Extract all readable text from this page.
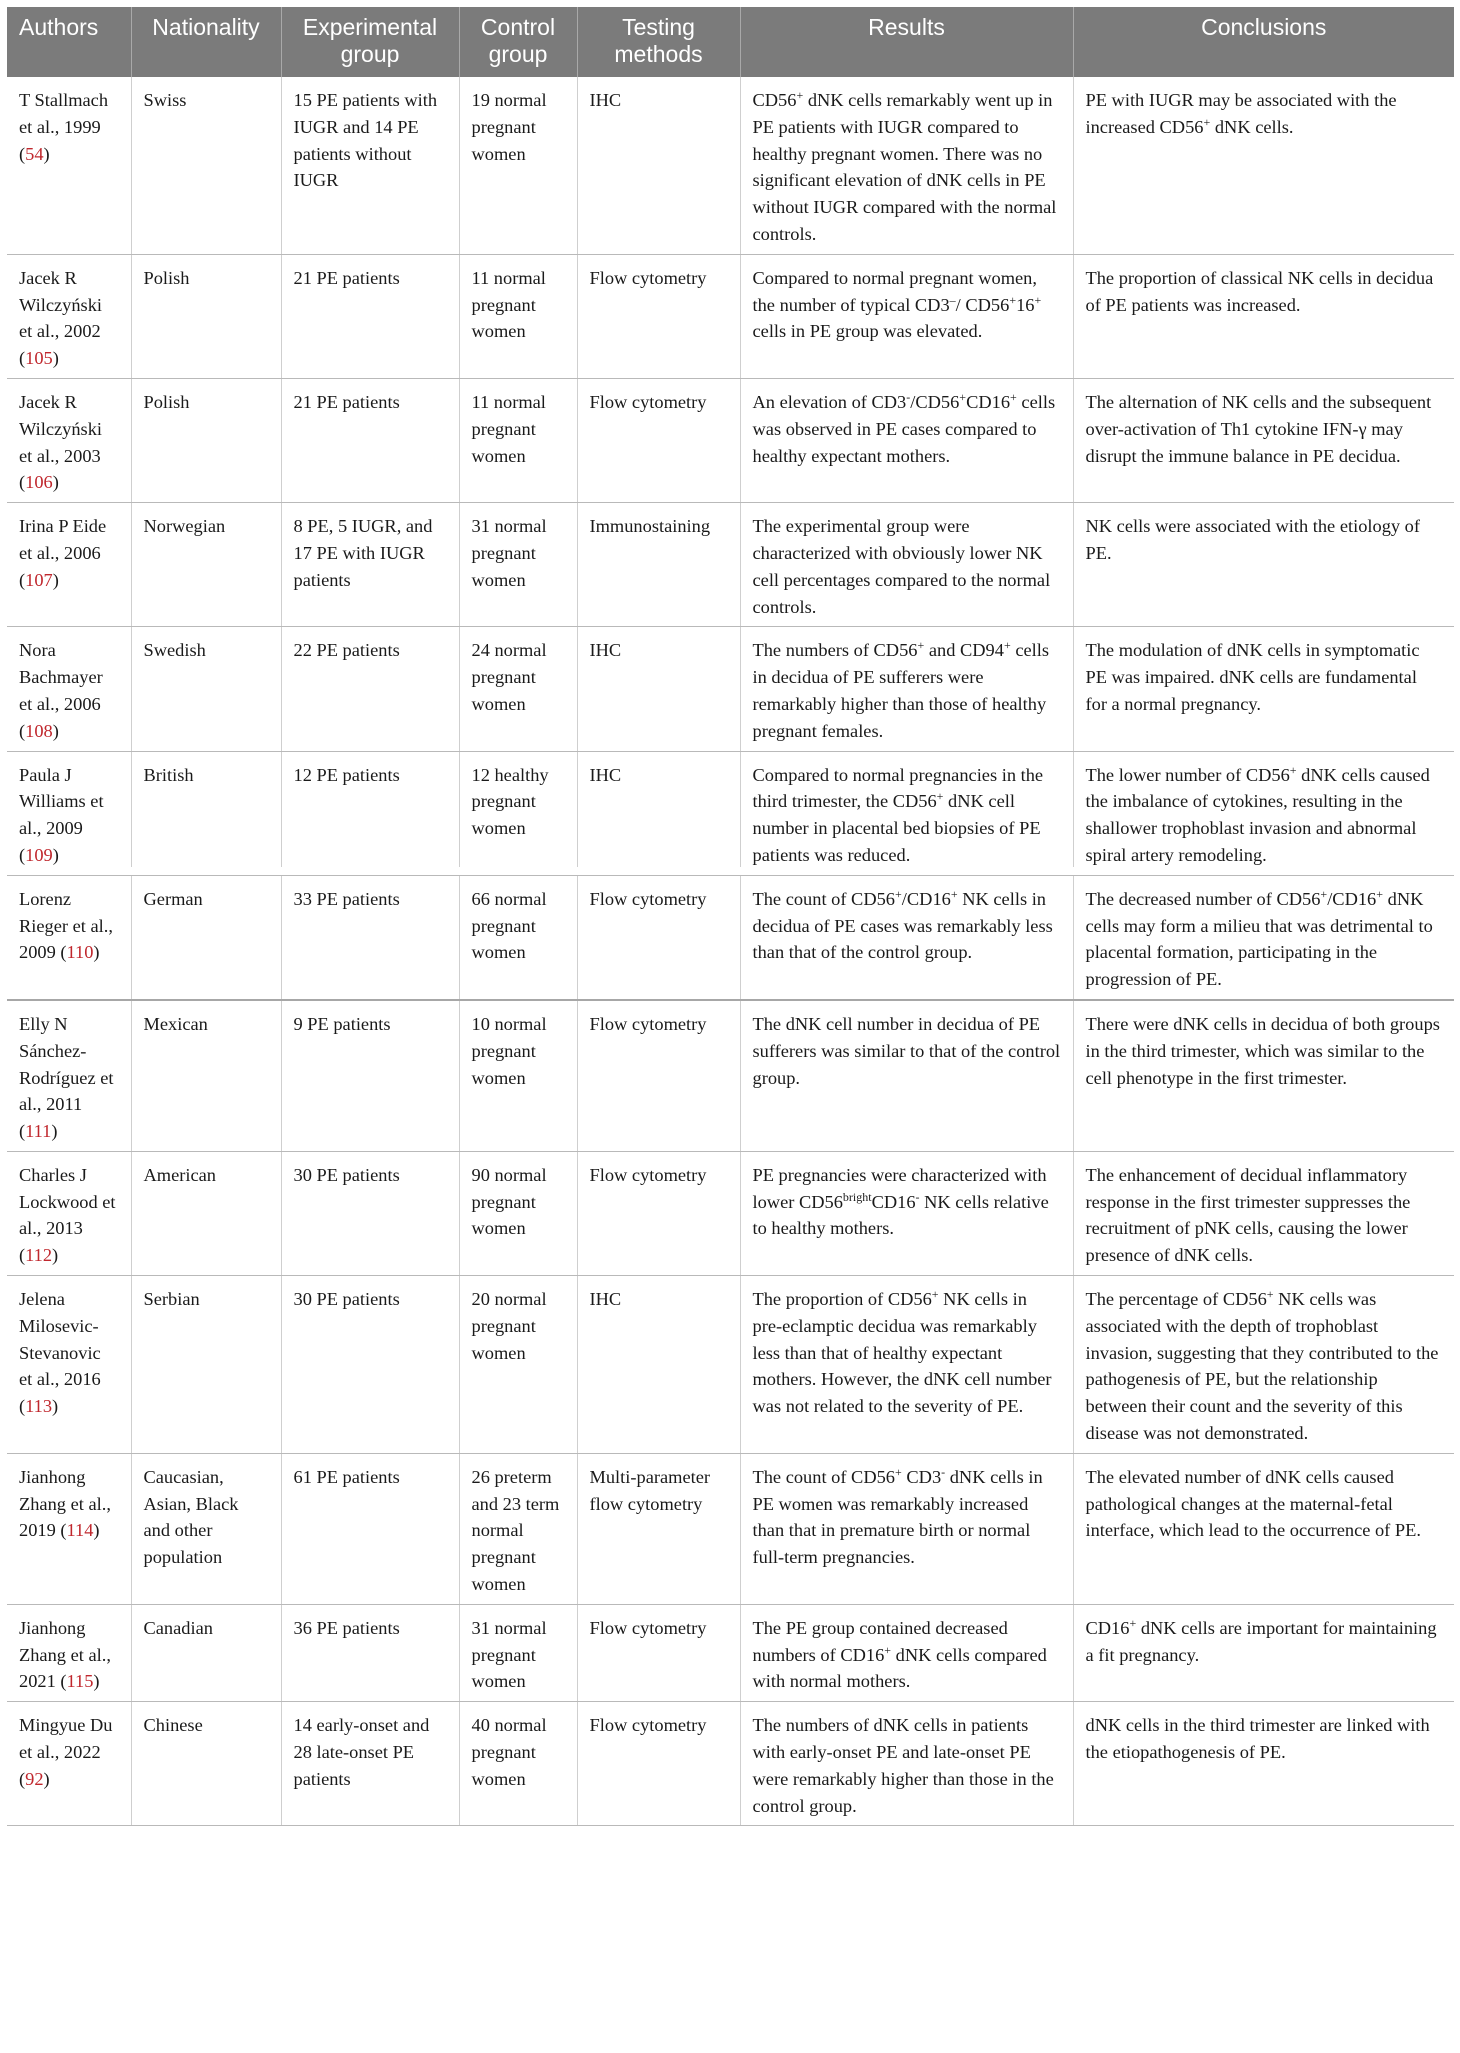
Authors	Nationality	Experimental group	Control group	Testing methods	Results	Conclusions
T Stallmach et al., 1999 (54)	Swiss	15 PE patients with IUGR and 14 PE patients without IUGR	19 normal pregnant women	IHC	CD56+ dNK cells remarkably went up in PE patients with IUGR compared to healthy pregnant women. There was no significant elevation of dNK cells in PE without IUGR compared with the normal controls.	PE with IUGR may be associated with the increased CD56+ dNK cells.
Jacek R Wilczyński et al., 2002 (105)	Polish	21 PE patients	11 normal pregnant women	Flow cytometry	Compared to normal pregnant women, the number of typical CD3–/ CD56+16+ cells in PE group was elevated.	The proportion of classical NK cells in decidua of PE patients was increased.
Jacek R Wilczyński et al., 2003 (106)	Polish	21 PE patients	11 normal pregnant women	Flow cytometry	An elevation of CD3-/CD56+CD16+ cells was observed in PE cases compared to healthy expectant mothers.	The alternation of NK cells and the subsequent over-activation of Th1 cytokine IFN-γ may disrupt the immune balance in PE decidua.
Irina P Eide et al., 2006 (107)	Norwegian	8 PE, 5 IUGR, and 17 PE with IUGR patients	31 normal pregnant women	Immunostaining	The experimental group were characterized with obviously lower NK cell percentages compared to the normal controls.	NK cells were associated with the etiology of PE.
Nora Bachmayer et al., 2006 (108)	Swedish	22 PE patients	24 normal pregnant women	IHC	The numbers of CD56+ and CD94+ cells in decidua of PE sufferers were remarkably higher than those of healthy pregnant females.	The modulation of dNK cells in symptomatic PE was impaired. dNK cells are fundamental for a normal pregnancy.
Paula J Williams et al., 2009 (109)	British	12 PE patients	12 healthy pregnant women	IHC	Compared to normal pregnancies in the third trimester, the CD56+ dNK cell number in placental bed biopsies of PE patients was reduced.	The lower number of CD56+ dNK cells caused the imbalance of cytokines, resulting in the shallower trophoblast invasion and abnormal spiral artery remodeling.
Lorenz Rieger et al., 2009 (110)	German	33 PE patients	66 normal pregnant women	Flow cytometry	The count of CD56+/CD16+ NK cells in decidua of PE cases was remarkably less than that of the control group.	The decreased number of CD56+/CD16+ dNK cells may form a milieu that was detrimental to placental formation, participating in the progression of PE.
Elly N Sánchez-Rodríguez et al., 2011 (111)	Mexican	9 PE patients	10 normal pregnant women	Flow cytometry	The dNK cell number in decidua of PE sufferers was similar to that of the control group.	There were dNK cells in decidua of both groups in the third trimester, which was similar to the cell phenotype in the first trimester.
Charles J Lockwood et al., 2013 (112)	American	30 PE patients	90 normal pregnant women	Flow cytometry	PE pregnancies were characterized with lower $CD56^{bright}CD16^-$ NK cells relative to healthy mothers.	The enhancement of decidual inflammatory response in the first trimester suppresses the recruitment of pNK cells, causing the lower presence of dNK cells.
Jelena Milosevic-Stevanovic et al., 2016 (113)	Serbian	30 PE patients	20 normal pregnant women	IHC	The proportion of CD56+ NK cells in pre-eclamptic decidua was remarkably less than that of healthy expectant mothers. However, the dNK cell number was not related to the severity of PE.	The percentage of CD56+ NK cells was associated with the depth of trophoblast invasion, suggesting that they contributed to the pathogenesis of PE, but the relationship between their count and the severity of this disease was not demonstrated.
Jianhong Zhang et al., 2019 (114)	Caucasian, Asian, Black and other population	61 PE patients	26 preterm and 23 term normal pregnant women	Multi-parameter flow cytometry	The count of CD56+ CD3- dNK cells in PE women was remarkably increased than that in premature birth or normal full-term pregnancies.	The elevated number of dNK cells caused pathological changes at the maternal-fetal interface, which lead to the occurrence of PE.
Jianhong Zhang et al., 2021 (115)	Canadian	36 PE patients	31 normal pregnant women	Flow cytometry	The PE group contained decreased numbers of CD16+ dNK cells compared with normal mothers.	CD16+ dNK cells are important for maintaining a fit pregnancy.
Mingyue Du et al., 2022 (92)	Chinese	14 early-onset and 28 late-onset PE patients	40 normal pregnant women	Flow cytometry	The numbers of dNK cells in patients with early-onset PE and late-onset PE were remarkably higher than those in the control group.	dNK cells in the third trimester are linked with the etiopathogenesis of PE.
